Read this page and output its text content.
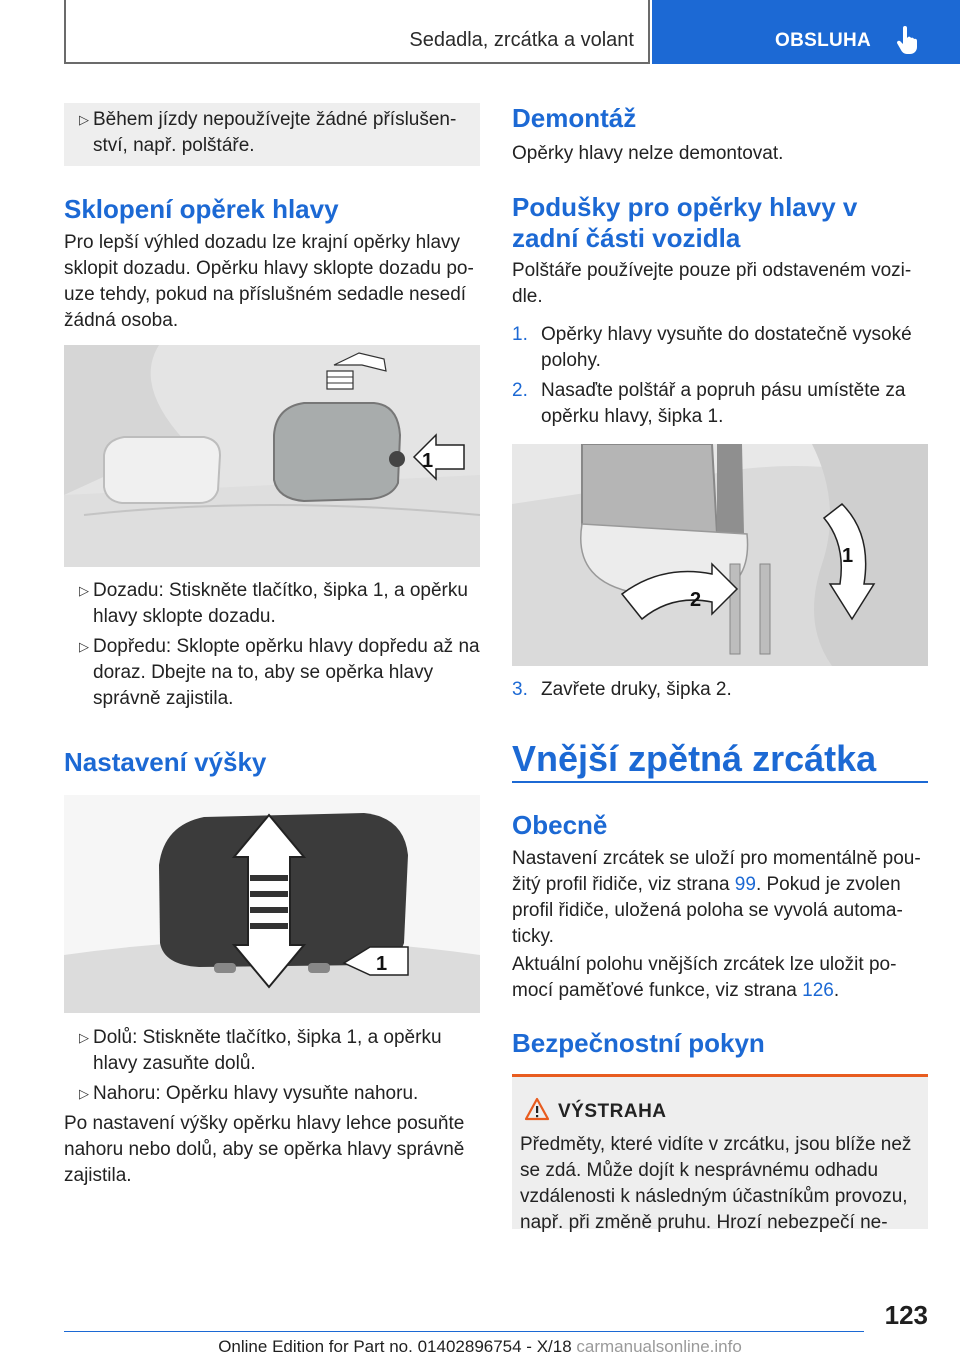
Sedadla, zrcátka a volant	OBSLUHA
▷ Během jízdy nepoužívejte žádné příslušen-
ství, např. polštáře.
Sklopení opěrek hlavy
Pro lepší výhled dozadu lze krajní opěrky hlavy sklopit dozadu. Opěrku hlavy sklopte dozadu po-uze tehdy, pokud na příslušném sedadle nesedí žádná osoba.
1
▷ Dozadu: Stiskněte tlačítko, šipka 1, a opěrku hlavy sklopte dozadu.
▷ Dopředu: Sklopte opěrku hlavy dopředu až na doraz. Dbejte na to, aby se opěrka hlavy správně zajistila.
Nastavení výšky
1
▷ Dolů: Stiskněte tlačítko, šipka 1, a opěrku hlavy zasuňte dolů.
▷ Nahoru: Opěrku hlavy vysuňte nahoru.
Po nastavení výšky opěrku hlavy lehce posuňte nahoru nebo dolů, aby se opěrka hlavy správně zajistila.
Demontáž
Opěrky hlavy nelze demontovat.
Podušky pro opěrky hlavy v
zadní části vozidla
Polštáře používejte pouze při odstaveném vozi-dle.
1. Opěrky hlavy vysuňte do dostatečně vysoké polohy.
2. Nasaďte polštář a popruh pásu umístěte za opěrku hlavy, šipka 1.
1
2
3. Zavřete druky, šipka 2.
Vnější zpětná zrcátka
Obecně
Nastavení zrcátek se uloží pro momentálně pou-žitý profil řidiče, viz strana 99. Pokud je zvolen profil řidiče, uložená poloha se vyvolá automa-ticky.
Aktuální polohu vnějších zrcátek lze uložit po-mocí paměťové funkce, viz strana 126.
Bezpečnostní pokyn
VÝSTRAHA
Předměty, které vidíte v zrcátku, jsou blíže než se zdá. Může dojít k nesprávnému odhadu vzdálenosti k následným účastníkům provozu, např. při změně pruhu. Hrozí nebezpečí ne-
123
Online Edition for Part no. 01402896754 - X/18 carmanualsonline.info
